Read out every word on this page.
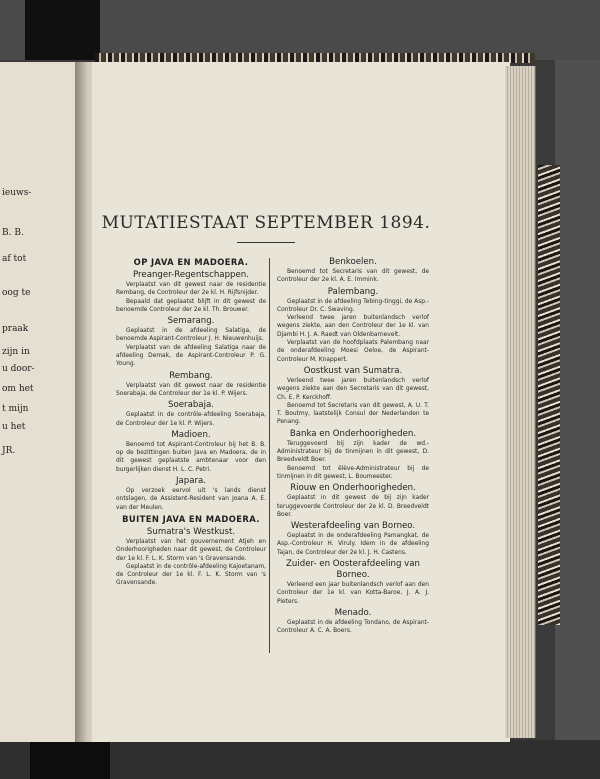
ieuws-
B. B.
af tot
oog te
praak
zijn in
u door-
om het
t mijn
u het
JR.
MUTATIESTAAT SEPTEMBER 1894.
OP JAVA EN MADOERA.
Preanger-Regentschappen.
Verplaatst van dit gewest naar de residentie Rembang, de Controleur der 2e kl. H. Rijfsnijder.
Bepaald dat geplaatst blijft in dit gewest de benoemde Controleur der 2e kl. Th. Brouwer.
Semarang.
Geplaatst in de afdeeling Salatiga, de benoemde Aspirant-Controleur J. H. Nieuwenhuijs.
Verplaatst van de afdeeling Salatiga naar de afdeeling Demak, de Aspirant-Controleur P. G. Young.
Rembang.
Verplaatst van dit gewest naar de residentie Soerabaja, de Controleur der 1e kl. P. Wijers.
Soerabaja.
Geplaatst in de contrôle-afdeeling Soerabaja, de Controleur der 1e kl. P. Wijers.
Madioen.
Benoemd tot Aspirant-Controleur bij het B. B. op de bezittingen buiten Java en Madoera, de in dit gewest geplaatste ambtenaar voor den burgerlijken dienst H. L. C. Petri.
Japara.
Op verzoek eervol uit 's lands dienst ontslagen, de Assistent-Resident van Joana A. E. van der Meulen.
BUITEN JAVA EN MADOERA.
Sumatra's Westkust.
Verplaatst van het gouvernement Atjeh en Onderhoorigheden naar dit gewest, de Controleur der 1e kl. F. L. K. Storm van 's Gravensande.
Geplaatst in de contrôle-afdeeling Kajoetanam, de Controleur der 1e kl. F. L. K. Storm van 's Gravensande.
Benkoelen.
Benoemd tot Secretaris van dit gewest, de Controleur der 2e kl. A. E. Immink.
Palembang.
Geplaatst in de afdeeling Tebing-tinggi, de Asp.-Controleur Dr. C. Swaving.
Verleend twee jaren buitenlandsch verlof wegens ziekte, aan den Controleur der 1e kl. van Djambi H. J. A. Raedt van Oldenbarnevelt.
Verplaatst van de hoofdplaats Palembang naar de onderafdeeling Moesi Oeloe, de Aspirant-Controleur M. Knappert.
Oostkust van Sumatra.
Verleend twee jaren buitenlandsch verlof wegens ziekte aan den Secretaris van dit gewest, Ch. E. P. Kerckhoff.
Benoemd tot Secretaris van dit gewest, A. U. T. T. Boutmy, laatstelijk Consul der Nederlanden te Penang.
Banka en Onderhoorigheden.
Teruggevoerd bij zijn kader de wd.-Administrateur bij de tinmijnen in dit gewest, D. Breedveldt Boer.
Benoemd tot êlève-Administrateur bij de tinmijnen in dit gewest, L. Boumeester.
Riouw en Onderhoorigheden.
Geplaatst in dit gewest de bij zijn kader teruggevoerde Controleur der 2e kl. D. Breedveldt Boer.
Westerafdeeling van Borneo.
Geplaatst in de onderafdeeling Pamangkat, de Asp.-Controleur H. Viruly. Idem in de afdeeling Tajan, de Controleur der 2e kl. J. H. Castens.
Zuider- en Oosterafdeeling van Borneo.
Verleend een jaar buitenlandsch verlof aan den Controleur der 1e kl. van Kotta-Baroe, J. A. J. Pieters.
Menado.
Geplaatst in de afdeeling Tondano, de Aspirant-Controleur A. C. A. Boers.
